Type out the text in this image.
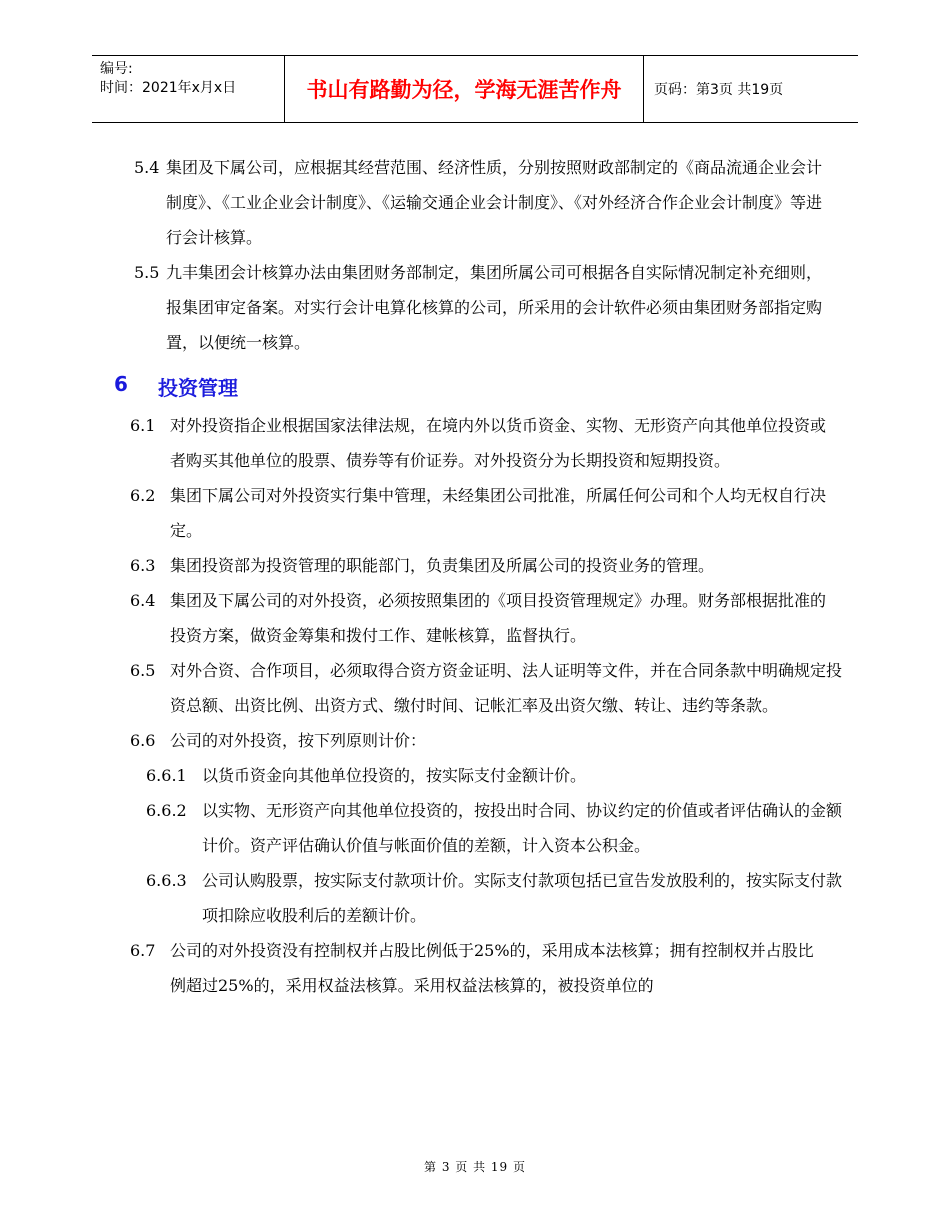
编号:
时间：2021年x月x日	书山有路勤为径，学海无涯苦作舟	页码：第3页 共19页
5.4 集团及下属公司，应根据其经营范围、经济性质，分别按照财政部制定的《商品流通企业会计制度》、《工业企业会计制度》、《运输交通企业会计制度》、《对外经济合作企业会计制度》等进行会计核算。
5.5 九丰集团会计核算办法由集团财务部制定，集团所属公司可根据各自实际情况制定补充细则，报集团审定备案。对实行会计电算化核算的公司，所采用的会计软件必须由集团财务部指定购置，以便统一核算。
6 投资管理
6.1 对外投资指企业根据国家法律法规，在境内外以货币资金、实物、无形资产向其他单位投资或者购买其他单位的股票、债券等有价证券。对外投资分为长期投资和短期投资。
6.2 集团下属公司对外投资实行集中管理，未经集团公司批准，所属任何公司和个人均无权自行决定。
6.3 集团投资部为投资管理的职能部门，负责集团及所属公司的投资业务的管理。
6.4 集团及下属公司的对外投资，必须按照集团的《项目投资管理规定》办理。财务部根据批准的投资方案，做资金筹集和拨付工作、建帐核算，监督执行。
6.5 对外合资、合作项目，必须取得合资方资金证明、法人证明等文件，并在合同条款中明确规定投资总额、出资比例、出资方式、缴付时间、记帐汇率及出资欠缴、转让、违约等条款。
6.6 公司的对外投资，按下列原则计价：
6.6.1 以货币资金向其他单位投资的，按实际支付金额计价。
6.6.2 以实物、无形资产向其他单位投资的，按投出时合同、协议约定的价值或者评估确认的金额计价。资产评估确认价值与帐面价值的差额，计入资本公积金。
6.6.3 公司认购股票，按实际支付款项计价。实际支付款项包括已宣告发放股利的，按实际支付款项扣除应收股利后的差额计价。
6.7 公司的对外投资没有控制权并占股比例低于25%的，采用成本法核算；拥有控制权并占股比例超过25%的，采用权益法核算。采用权益法核算的，被投资单位的
第 3 页 共 19 页
